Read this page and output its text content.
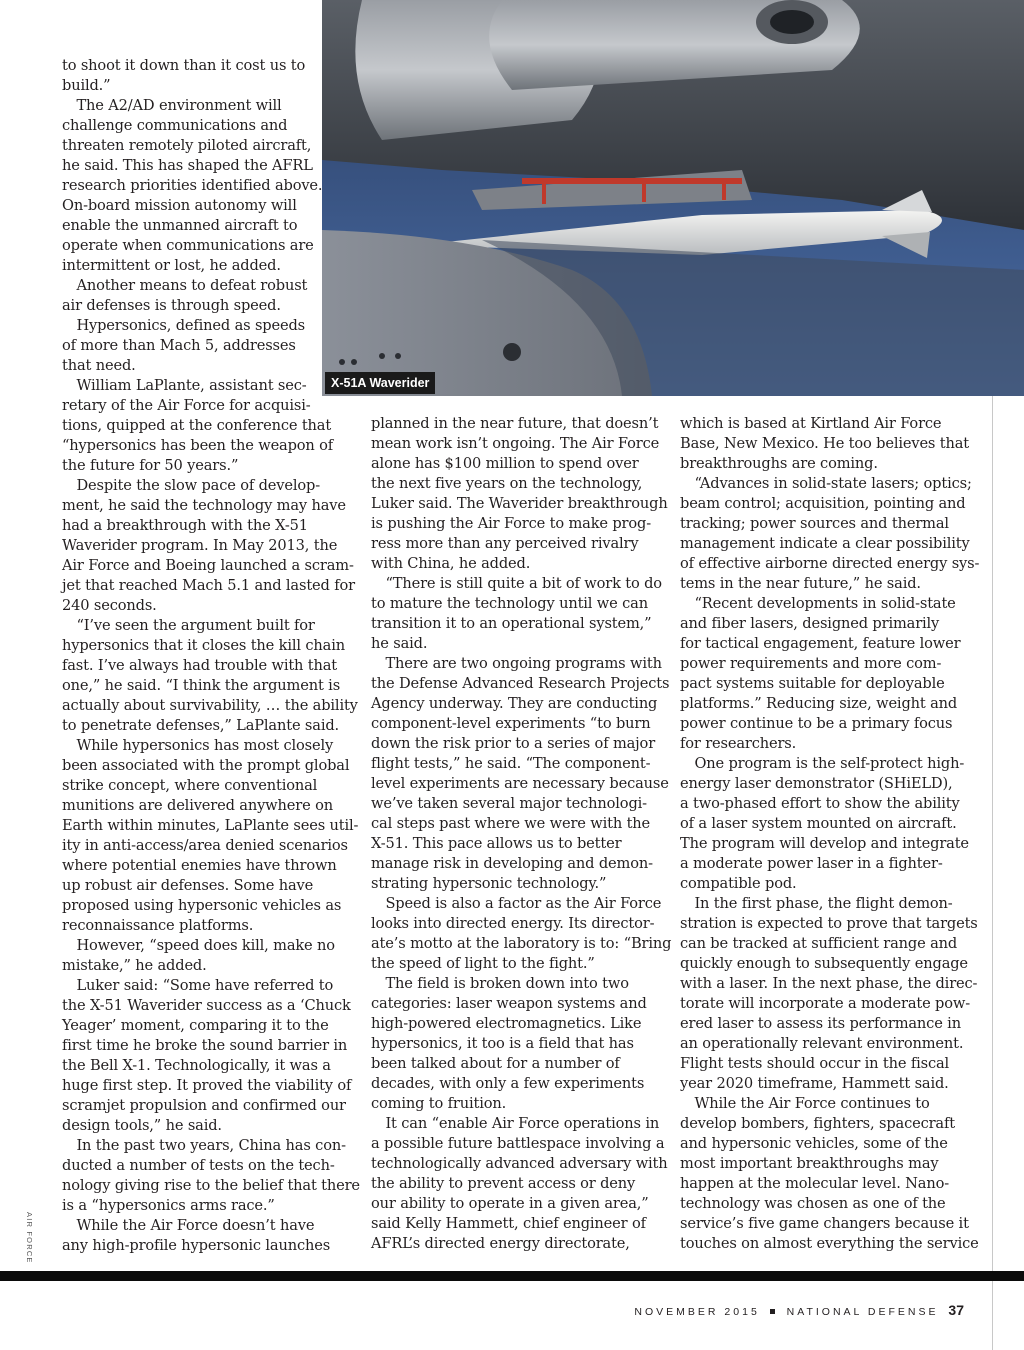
X-51A Waverider
to shoot it down than it cost us to
build.”
 The A2/AD environment will
challenge communications and
threaten remotely piloted aircraft,
he said. This has shaped the AFRL
research priorities identified above.
On-board mission autonomy will
enable the unmanned aircraft to
operate when communications are
intermittent or lost, he added.
 Another means to defeat robust
air defenses is through speed.
 Hypersonics, defined as speeds
of more than Mach 5, addresses
that need.
 William LaPlante, assistant sec-
retary of the Air Force for acquisi-
tions, quipped at the conference that
“hypersonics has been the weapon of
the future for 50 years.”
 Despite the slow pace of develop-
ment, he said the technology may have
had a breakthrough with the X-51
Waverider program. In May 2013, the
Air Force and Boeing launched a scram-
jet that reached Mach 5.1 and lasted for
240 seconds.
 “I’ve seen the argument built for
hypersonics that it closes the kill chain
fast. I’ve always had trouble with that
one,” he said. “I think the argument is
actually about survivability, … the ability
to penetrate defenses,” LaPlante said.
 While hypersonics has most closely
been associated with the prompt global
strike concept, where conventional
munitions are delivered anywhere on
Earth within minutes, LaPlante sees util-
ity in anti-access/area denied scenarios
where potential enemies have thrown
up robust air defenses. Some have
proposed using hypersonic vehicles as
reconnaissance platforms.
 However, “speed does kill, make no
mistake,” he added.
 Luker said: “Some have referred to
the X-51 Waverider success as a ‘Chuck
Yeager’ moment, comparing it to the
first time he broke the sound barrier in
the Bell X-1. Technologically, it was a
huge first step. It proved the viability of
scramjet propulsion and confirmed our
design tools,” he said.
 In the past two years, China has con-
ducted a number of tests on the tech-
nology giving rise to the belief that there
is a “hypersonics arms race.”
 While the Air Force doesn’t have
any high-profile hypersonic launches
planned in the near future, that doesn’t
mean work isn’t ongoing. The Air Force
alone has $100 million to spend over
the next five years on the technology,
Luker said. The Waverider breakthrough
is pushing the Air Force to make prog-
ress more than any perceived rivalry
with China, he added.
 “There is still quite a bit of work to do
to mature the technology until we can
transition it to an operational system,”
he said.
 There are two ongoing programs with
the Defense Advanced Research Projects
Agency underway. They are conducting
component-level experiments “to burn
down the risk prior to a series of major
flight tests,” he said. “The component-
level experiments are necessary because
we’ve taken several major technologi-
cal steps past where we were with the
X-51. This pace allows us to better
manage risk in developing and demon-
strating hypersonic technology.”
 Speed is also a factor as the Air Force
looks into directed energy. Its director-
ate’s motto at the laboratory is to: “Bring
the speed of light to the fight.”
 The field is broken down into two
categories: laser weapon systems and
high-powered electromagnetics. Like
hypersonics, it too is a field that has
been talked about for a number of
decades, with only a few experiments
coming to fruition.
 It can “enable Air Force operations in
a possible future battlespace involving a
technologically advanced adversary with
the ability to prevent access or deny
our ability to operate in a given area,”
said Kelly Hammett, chief engineer of
AFRL’s directed energy directorate,
which is based at Kirtland Air Force
Base, New Mexico. He too believes that
breakthroughs are coming.
 “Advances in solid-state lasers; optics;
beam control; acquisition, pointing and
tracking; power sources and thermal
management indicate a clear possibility
of effective airborne directed energy sys-
tems in the near future,” he said.
 “Recent developments in solid-state
and fiber lasers, designed primarily
for tactical engagement, feature lower
power requirements and more com-
pact systems suitable for deployable
platforms.” Reducing size, weight and
power continue to be a primary focus
for researchers.
 One program is the self-protect high-
energy laser demonstrator (SHiELD),
a two-phased effort to show the ability
of a laser system mounted on aircraft.
The program will develop and integrate
a moderate power laser in a fighter-
compatible pod.
 In the first phase, the flight demon-
stration is expected to prove that targets
can be tracked at sufficient range and
quickly enough to subsequently engage
with a laser. In the next phase, the direc-
torate will incorporate a moderate pow-
ered laser to assess its performance in
an operationally relevant environment.
Flight tests should occur in the fiscal
year 2020 timeframe, Hammett said.
 While the Air Force continues to
develop bombers, fighters, spacecraft
and hypersonic vehicles, some of the
most important breakthroughs may
happen at the molecular level. Nano-
technology was chosen as one of the
service’s five game changers because it
touches on almost everything the service
AIR FORCE
NOVEMBER 2015	NATIONAL DEFENSE 37
